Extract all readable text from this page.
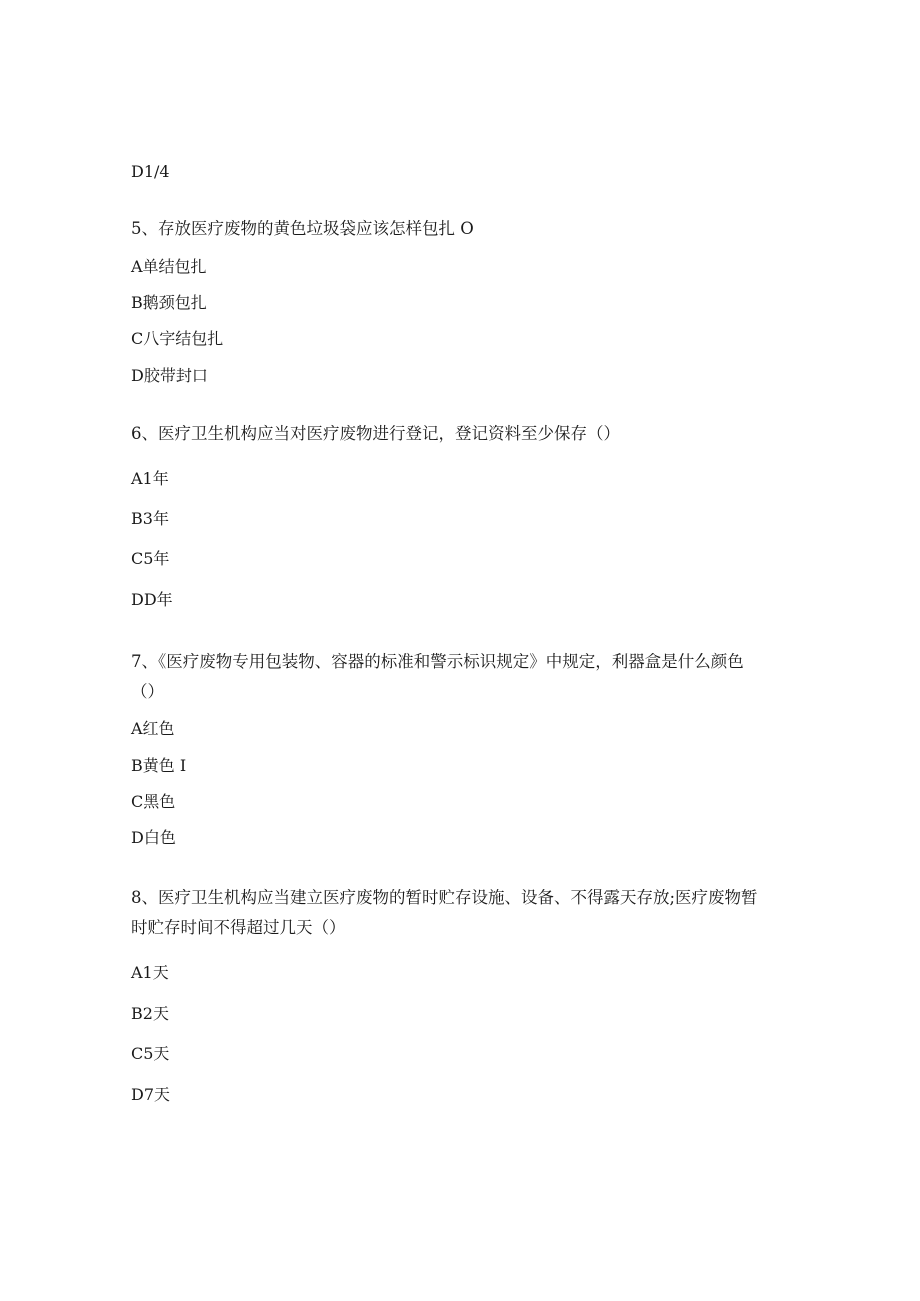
D1/4
5、存放医疗废物的黄色垃圾袋应该怎样包扎 O
A单结包扎
B鹅颈包扎
C八字结包扎
D胶带封口
6、医疗卫生机构应当对医疗废物进行登记，登记资料至少保存（）
A1年
B3年
C5年
DD年
7、《医疗废物专用包装物、容器的标准和警示标识规定》中规定，利器盒是什么颜色
（）
A红色
B黄色 I
C黑色
D白色
8、医疗卫生机构应当建立医疗废物的暂时贮存设施、设备、不得露天存放;医疗废物暂
时贮存时间不得超过几天（）
A1天
B2天
C5天
D7天
